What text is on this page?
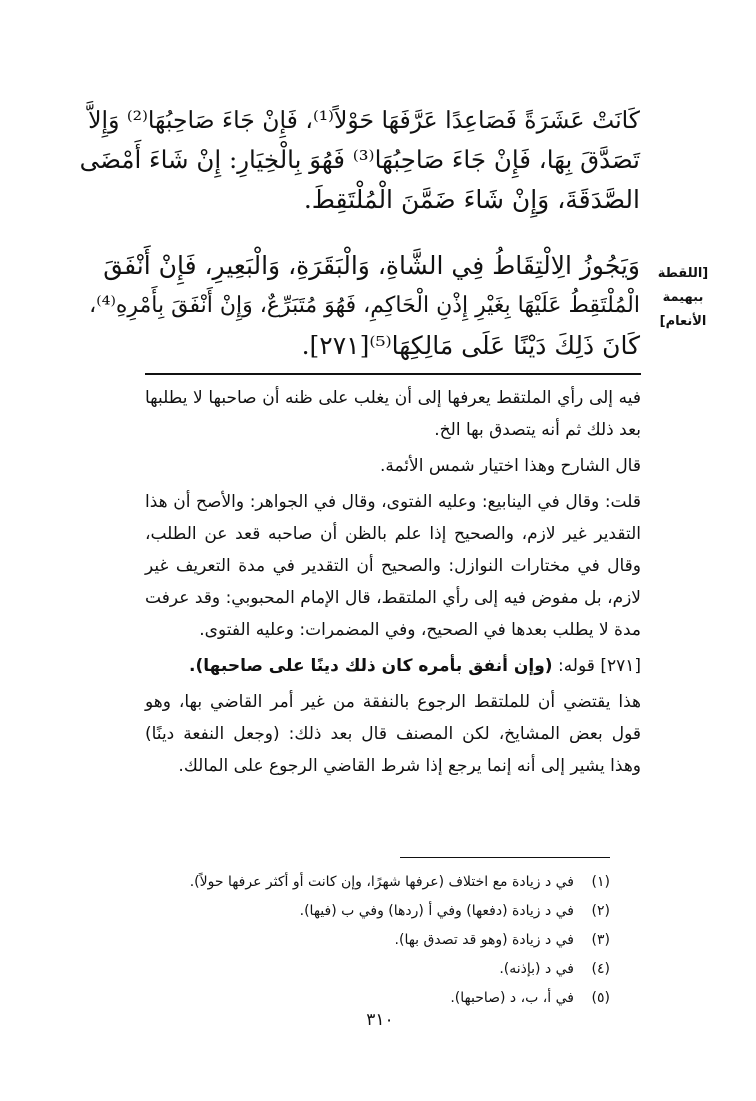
كَانَتْ عَشَرَةً فَصَاعِدًا عَرَّفَهَا حَوْلاً⁽¹⁾، فَإِنْ جَاءَ صَاحِبُهَا⁽²⁾ وَإِلاَّ
تَصَدَّقَ بِهَا، فَإِنْ جَاءَ صَاحِبُهَا⁽³⁾ فَهُوَ بِالْخِيَارِ: إِنْ شَاءَ أَمْضَى
الصَّدَقَةَ، وَإِنْ شَاءَ ضَمَّنَ الْمُلْتَقِطَ.
[اللقطة ببهيمة
الأنعام]
وَيَجُوزُ الِالْتِقَاطُ فِي الشَّاةِ، وَالْبَقَرَةِ، وَالْبَعِيرِ، فَإِنْ أَنْفَقَ
الْمُلْتَقِطُ عَلَيْهَا بِغَيْرِ إِذْنِ الْحَاكِمِ، فَهُوَ مُتَبَرِّعٌ، وَإِنْ أَنْفَقَ بِأَمْرِهِ⁽⁴⁾،
كَانَ ذَلِكَ دَيْنًا عَلَى مَالِكِهَا⁽⁵⁾[٢٧١].

فيه إلى رأي الملتقط يعرفها إلى أن يغلب على ظنه أن صاحبها لا يطلبها بعد ذلك ثم أنه يتصدق بها الخ.

قال الشارح وهذا اختيار شمس الأئمة.

قلت: وقال في الينابيع: وعليه الفتوى، وقال في الجواهر: والأصح أن هذا التقدير غير لازم، والصحيح إذا علم بالظن أن صاحبه قعد عن الطلب، وقال في مختارات النوازل: والصحيح أن التقدير في مدة التعريف غير لازم، بل مفوض فيه إلى رأي الملتقط، قال الإمام المحبوبي: وقد عرفت مدة لا يطلب بعدها في الصحيح، وفي المضمرات: وعليه الفتوى.

[٢٧١] قوله: (وإن أنفق بأمره كان ذلك دينًا على صاحبها).

هذا يقتضي أن للملتقط الرجوع بالنفقة من غير أمر القاضي بها، وهو قول بعض المشايخ، لكن المصنف قال بعد ذلك: (وجعل النفعة دينًا) وهذا يشير إلى أنه إنما يرجع إذا شرط القاضي الرجوع على المالك.

(١)في د زيادة مع اختلاف (عرفها شهرًا، وإن كانت أو أكثر عرفها حولاً).
(٢)في د زيادة (دفعها) وفي أ (ردها) وفي ب (فيها).
(٣)في د زيادة (وهو قد تصدق بها).
(٤)في د (بإذنه).
(٥)في أ، ب، د (صاحبها).
٣١٠
